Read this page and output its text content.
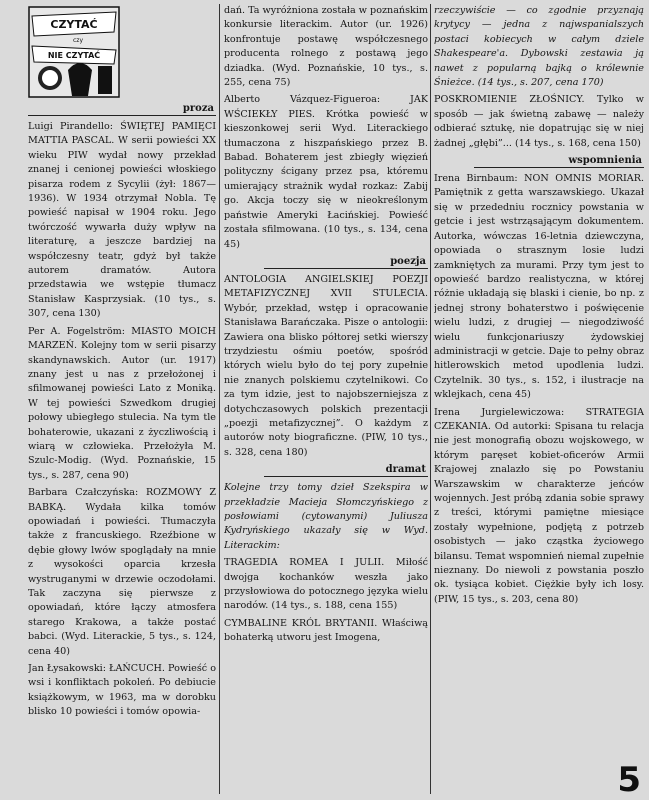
CZYTAĆ
czy
NIE CZYTAĆ
proza

Luigi Pirandello: ŚWIĘTEJ PAMIĘCI MATTIA PASCAL. W serii powieści XX wieku PIW wydał nowy przekład znanej i cenionej powieści włoskiego pisarza rodem z Sycylii (żył: 1867—1936). W 1934 otrzymał Nobla. Tę powieść napisał w 1904 roku. Jego twórczość wywarła duży wpływ na literaturę, a jeszcze bardziej na współczesny teatr, gdyż był także autorem dramatów. Autora przedstawia we wstępie tłumacz Stanisław Kasprzysiak. (10 tys., s. 307, cena 130)

Per A. Fogelström: MIASTO MOICH MARZEŃ. Kolejny tom w serii pisarzy skandynawskich. Autor (ur. 1917) znany jest u nas z przełożonej i sfilmowanej powieści Lato z Moniką. W tej powieści Szwedkom drugiej połowy ubiegłego stulecia. Na tym tle bohaterowie, ukazani z życzliwością i wiarą w człowieka. Przełożyła M. Szulc-Modig. (Wyd. Poznańskie, 15 tys., s. 287, cena 90)

Barbara Czałczyńska: ROZMOWY Z BABKĄ. Wydała kilka tomów opowiadań i powieści. Tłumaczyła także z francuskiego. Rzeźbione w dębie głowy lwów spoglądały na mnie z wysokości oparcia krzesła wystruganymi w drzewie oczodołami. Tak zaczyna się pierwsze z opowiadań, które łączy atmosfera starego Krakowa, a także postać babci. (Wyd. Literackie, 5 tys., s. 124, cena 40)

Jan Łysakowski: ŁAŃCUCH. Powieść o wsi i konfliktach pokoleń. Po debiucie książkowym, w 1963, ma w dorobku blisko 10 powieści i tomów opowia-

dań. Ta wyróżniona została w poznańskim konkursie literackim. Autor (ur. 1926) konfrontuje postawę współczesnego producenta rolnego z postawą jego dziadka. (Wyd. Poznańskie, 10 tys., s. 255, cena 75)

Alberto Vázquez-Figueroa: JAK WŚCIEKŁY PIES. Krótka powieść w kieszonkowej serii Wyd. Literackiego tłumaczona z hiszpańskiego przez B. Babad. Bohaterem jest zbiegły więzień polityczny ścigany przez psa, któremu umierający strażnik wydał rozkaz: Zabij go. Akcja toczy się w nieokreślonym państwie Ameryki Łacińskiej. Powieść została sfilmowana. (10 tys., s. 134, cena 45)

poezja

ANTOLOGIA ANGIELSKIEJ POEZJI METAFIZYCZNEJ XVII STULECIA. Wybór, przekład, wstęp i opracowanie Stanisława Barańczaka. Pisze o antologii: Zawiera ona blisko półtorej setki wierszy trzydziestu ośmiu poetów, spośród których wielu było do tej pory zupełnie nie znanych polskiemu czytelnikowi. Co za tym idzie, jest to najobszerniejsza z dotychczasowych polskich prezentacji „poezji metafizycznej”. O każdym z autorów noty biograficzne. (PIW, 10 tys., s. 328, cena 180)

dramat

Kolejne trzy tomy dzieł Szekspira w przekładzie Macieja Słomczyńskiego z posłowiami (cytowanymi) Juliusza Kydryńskiego ukazały się w Wyd. Literackim:

TRAGEDIA ROMEA I JULII. Miłość dwojga kochanków weszła jako przysłowiowa do potocznego języka wielu narodów. (14 tys., s. 188, cena 155)

CYMBALINE KRÓL BRYTANII. Właściwą bohaterką utworu jest Imogena,

rzeczywiście — co zgodnie przyznają krytycy — jedna z najwspanialszych postaci kobiecych w całym dziele Shakespeare'a. Dybowski zestawia ją nawet z popularną bajką o królewnie Śnieżce. (14 tys., s. 207, cena 170)

POSKROMIENIE ZŁOŚNICY. Tylko w sposób — jak świetną zabawę — należy odbierać sztukę, nie dopatrując się w niej żadnej „głębi”... (14 tys., s. 168, cena 150)

wspomnienia

Irena Birnbaum: NON OMNIS MORIAR. Pamiętnik z getta warszawskiego. Ukazał się w przededniu rocznicy powstania w getcie i jest wstrząsającym dokumentem. Autorka, wówczas 16-letnia dziewczyna, opowiada o strasznym losie ludzi zamkniętych za murami. Przy tym jest to opowieść bardzo realistyczna, w której różnie układają się blaski i cienie, bo np. z jednej strony bohaterstwo i poświęcenie wielu ludzi, z drugiej — niegodziwość wielu funkcjonariuszy żydowskiej administracji w getcie. Daje to pełny obraz hitlerowskich metod upodlenia ludzi. Czytelnik. 30 tys., s. 152, i ilustracje na wklejkach, cena 45)

Irena Jurgielewiczowa: STRATEGIA CZEKANIA. Od autorki: Spisana tu relacja nie jest monografią obozu wojskowego, w którym paręset kobiet-oficerów Armii Krajowej znalazło się po Powstaniu Warszawskim w charakterze jeńców wojennych. Jest próbą zdania sobie sprawy z treści, którymi pamiętne miesiące zostały wypełnione, podjętą z potrzeb osobistych — jako cząstka życiowego bilansu. Temat wspomnień niemal zupełnie nieznany. Do niewoli z powstania poszło ok. tysiąca kobiet. Ciężkie były ich losy. (PIW, 15 tys., s. 203, cena 80)

5
